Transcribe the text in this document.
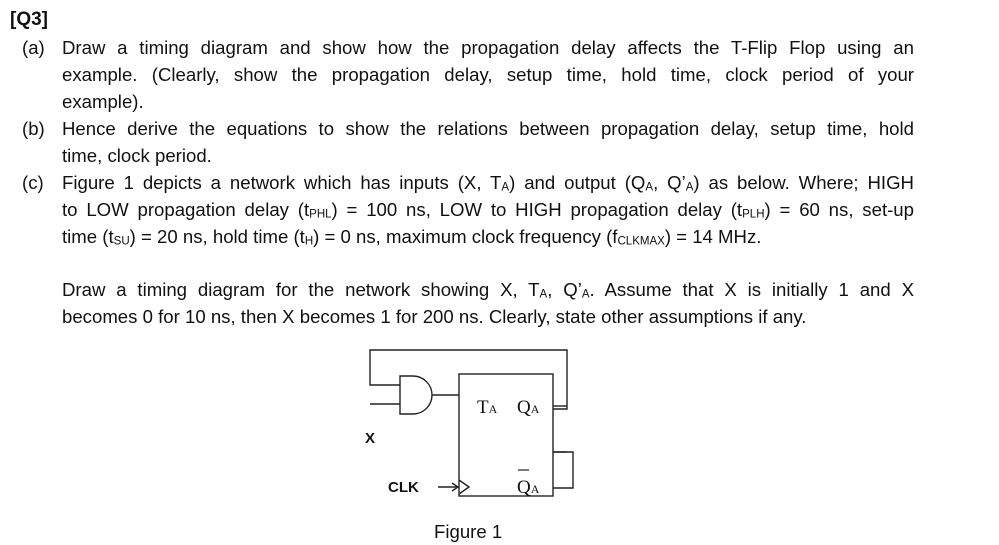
[Q3]
(a) Draw a timing diagram and show how the propagation delay affects the T-Flip Flop using an
example. (Clearly, show the propagation delay, setup time, hold time, clock period of your
example).
(b) Hence derive the equations to show the relations between propagation delay, setup time, hold
time, clock period.
(c) Figure 1 depicts a network which has inputs (X, $T_A$) and output ($Q_A$, $Q’_A$) as below. Where; HIGH
to LOW propagation delay $(t_{PHL}) = 100$ ns, LOW to HIGH propagation delay $(t_{PLH}) = 60$ ns, set-up
time $(t_{SU}) = 20$ ns, hold time $(t_H) = 0$ ns, maximum clock frequency $(f_{CLKMAX}) = 14$ MHz.
Draw a timing diagram for the network showing X, $T_A$, $Q’_A$. Assume that X is initially 1 and X
becomes 0 for 10 ns, then X becomes 1 for 200 ns. Clearly, state other assumptions if any.
TA QA
QA
X
CLK
Figure 1
